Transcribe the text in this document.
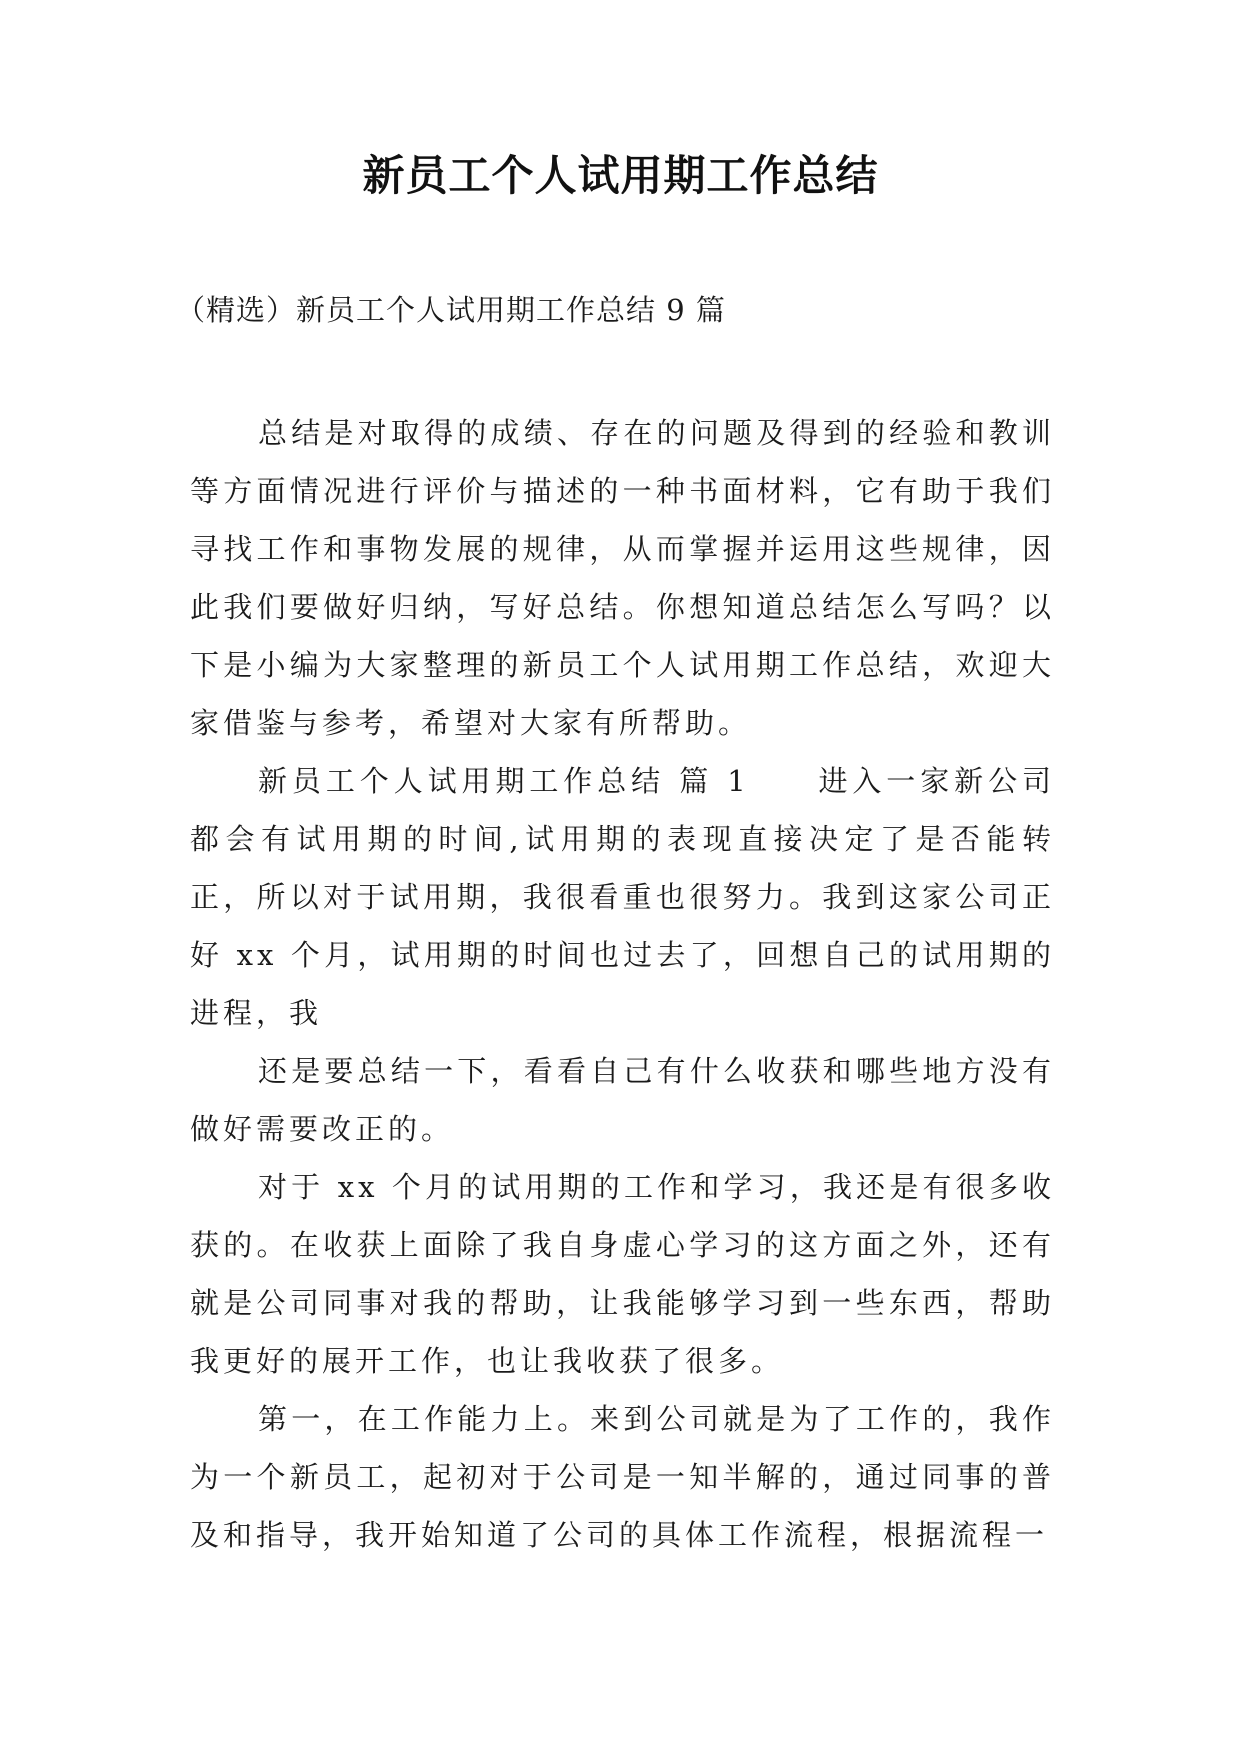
新员工个人试用期工作总结
（精选）新员工个人试用期工作总结 9 篇

总结是对取得的成绩、存在的问题及得到的经验和教训等方面情况进行评价与描述的一种书面材料，它有助于我们寻找工作和事物发展的规律，从而掌握并运用这些规律，因此我们要做好归纳，写好总结。你想知道总结怎么写吗？以下是小编为大家整理的新员工个人试用期工作总结，欢迎大家借鉴与参考，希望对大家有所帮助。

新员工个人试用期工作总结 篇 1　　进入一家新公司都会有试用期的时间,试用期的表现直接决定了是否能转正，所以对于试用期，我很看重也很努力。我到这家公司正好 xx 个月，试用期的时间也过去了，回想自己的试用期的进程，我

还是要总结一下，看看自己有什么收获和哪些地方没有做好需要改正的。

对于 xx 个月的试用期的工作和学习，我还是有很多收获的。在收获上面除了我自身虚心学习的这方面之外，还有就是公司同事对我的帮助，让我能够学习到一些东西，帮助我更好的展开工作，也让我收获了很多。

第一，在工作能力上。来到公司就是为了工作的，我作为一个新员工，起初对于公司是一知半解的，通过同事的普及和指导，我开始知道了公司的具体工作流程，根据流程一
